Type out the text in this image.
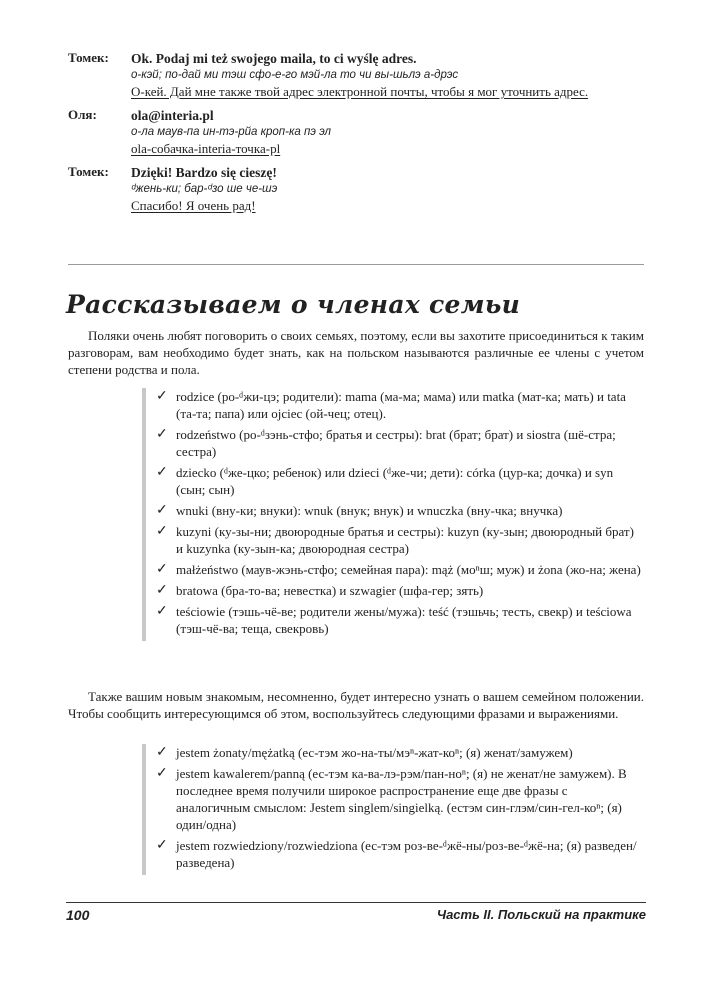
Томек:	Ok. Podaj mi też swojego maila, to ci wyślę adres.
о-кэй; по-дай ми тэш сфо-е-го мэй-ла то чи вы-шьлэ а-дрэс
О-кей. Дай мне также твой адрес электронной почты, чтобы я мог уточнить адрес.
Оля:	ola@interia.pl
о-ла маув-па ин-тэ-рйа кроп-ка пэ эл
ola-собачка-interia-точка-pl
Томек:	Dzięki! Bardzo się cieszę!
ᵈжень-ки; бар-ᵈзо ше че-шэ
Спасибо! Я очень рад!
Рассказываем о членах семьи

Поляки очень любят поговорить о своих семьях, поэтому, если вы захотите присоединиться к таким разговорам, вам необходимо будет знать, как на польском называются различные ее члены с учетом степени родства и пола.

✓ rodzice (ро-ᵈжи-цэ; родители): mama (ма-ма; мама) или matka (мат-ка; мать) и tata (та-та; папа) или ojciec (ой-чец; отец).
✓ rodzeństwo (ро-ᵈзэнь-стфо; братья и сестры): brat (брат; брат) и siostra (шё-стра; сестра)
✓ dziecko (ᵈже-цко; ребенок) или dzieci (ᵈже-чи; дети): córka (цур-ка; дочка) и syn (сын; сын)
✓ wnuki (вну-ки; внуки): wnuk (внук; внук) и wnuczka (вну-чка; внучка)
✓ kuzyni (ку-зы-ни; двоюродные братья и сестры): kuzyn (ку-зын; двоюродный брат) и kuzynka (ку-зын-ка; двоюродная сестра)
✓ małżeństwo (маув-жэнь-стфо; семейная пара): mąż (моⁿш; муж) и żona (жо-на; жена)
✓ bratowa (бра-то-ва; невестка) и szwagier (шфа-гер; зять)
✓ teściowie (тэшь-чё-ве; родители жены/мужа): teść (тэшьчь; тесть, свекр) и teściowa (тэш-чё-ва; теща, свекровь)

Также вашим новым знакомым, несомненно, будет интересно узнать о вашем семейном положении. Чтобы сообщить интересующимся об этом, воспользуйтесь следующими фразами и выражениями.

✓ jestem żonaty/mężatką (ес-тэм жо-на-ты/мэⁿ-жат-коⁿ; (я) женат/замужем)
✓ jestem kawalerem/panną (ес-тэм ка-ва-лэ-рэм/пан-ноⁿ; (я) не женат/не замужем). В последнее время получили широкое распространение еще две фразы с аналогичным смыслом: Jestem singlem/singielką. (естэм син-глэм/син-гел-коⁿ; (я) один/одна)
✓ jestem rozwiedziony/rozwiedziona (ес-тэм роз-ве-ᵈжё-ны/роз-ве-ᵈжё-на; (я) разведен/разведена)
100	Часть II. Польский на практике
